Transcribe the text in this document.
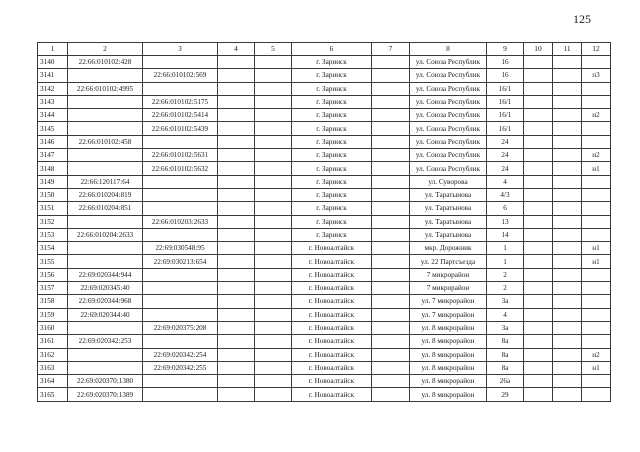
125
1	2	3	4	5	6	7	8	9	10	11	12
3140	22:66:010102:428				г. Заринск		ул. Союза Республик	16			
3141		22:66:010102:569			г. Заринск		ул. Союза Республик	16			п3
3142	22:66:010102:4995				г. Заринск		ул. Союза Республик	16/1			
3143		22:66:010102:5175			г. Заринск		ул. Союза Республик	16/1			
3144		22:66:010102:5414			г. Заринск		ул. Союза Республик	16/1			н2
3145		22:66:010102:5439			г. Заринск		ул. Союза Республик	16/1			
3146	22:66:010102:458				г. Заринск		ул. Союза Республик	24			
3147		22:66:010102:5631			г. Заринск		ул. Союза Республик	24			н2
3148		22:66:010102:5632			г. Заринск		ул. Союза Республик	24			н1
3149	22:66:120117:64				г. Заринск		ул. Суворова	4			
3150	22:66:010204:819				г. Заринск		ул. Таратынова	4/3			
3151	22:66:010204:851				г. Заринск		ул. Таратынова	6			
3152		22:66:010203:2633			г. Заринск		ул. Таратынова	13			
3153	22:66:010204:2633				г. Заринск		ул. Таратынова	14			
3154		22:69:030548:95			г. Новоалтайск		мкр. Дорожник	1			н1
3155		22:69:030213:654			г. Новоалтайск		ул. 22 Партсъезда	1			н1
3156	22:69:020344:944				г. Новоалтайск		7 микрорайон	2			
3157	22:69:020345:40				г. Новоалтайск		7 микрорайон	2			
3158	22:69:020344:968				г. Новоалтайск		ул. 7 микрорайон	3а			
3159	22:69:020344:40				г. Новоалтайск		ул. 7 микрорайон	4			
3160		22:69:020375:208			г. Новоалтайск		ул. 8 микрорайон	3а			
3161	22:69:020342:253				г. Новоалтайск		ул. 8 микрорайон	8а			
3162		22:69:020342:254			г. Новоалтайск		ул. 8 микрорайон	8а			н2
3163		22:69:020342:255			г. Новоалтайск		ул. 8 микрорайон	8а			н1
3164	22:69:020370:1380				г. Новоалтайск		ул. 8 микрорайон	26а			
3165	22:69:020370:1389				г. Новоалтайск		ул. 8 микрорайон	29			
